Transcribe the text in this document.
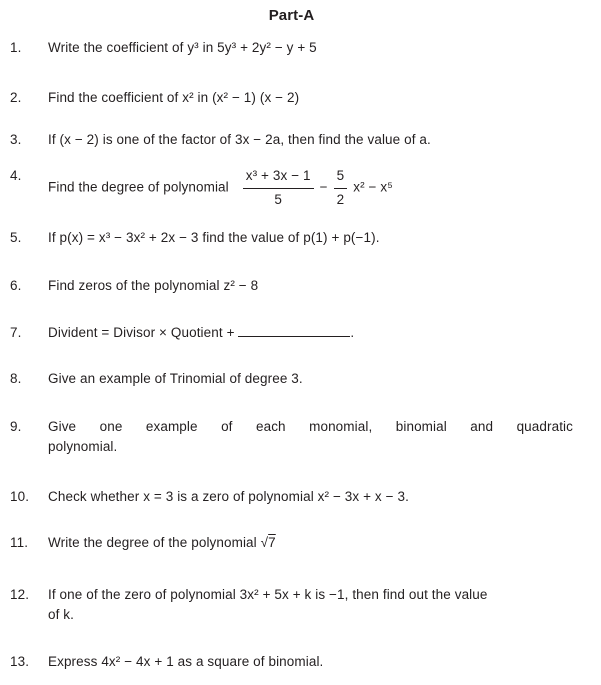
Part-A
1.	Write the coefficient of y³ in 5y³ + 2y² − y + 5
2.	Find the coefficient of x² in (x² − 1) (x − 2)
3.	If (x − 2) is one of the factor of 3x − 2a, then find the value of a.
4.
Find the degree of polynomial $\frac{\text{x³ + 3x − 1}}{5} - \frac{5}{2} x^2 - x^5$
5.	If p(x) = x³ − 3x² + 2x − 3 find the value of p(1) + p(−1).
6.	Find zeros of the polynomial z² − 8
7.	Divident = Divisor × Quotient +	.
8.	Give an example of Trinomial of degree 3.
9.	Give one example of each monomial, binomial and quadratic
polynomial.
10.	Check whether x = 3 is a zero of polynomial x² − 3x + x − 3.
11.	Write the degree of the polynomial √7
12.	If one of the zero of polynomial 3x² + 5x + k is −1, then find out the value
of k.
13.	Express 4x² − 4x + 1 as a square of binomial.
